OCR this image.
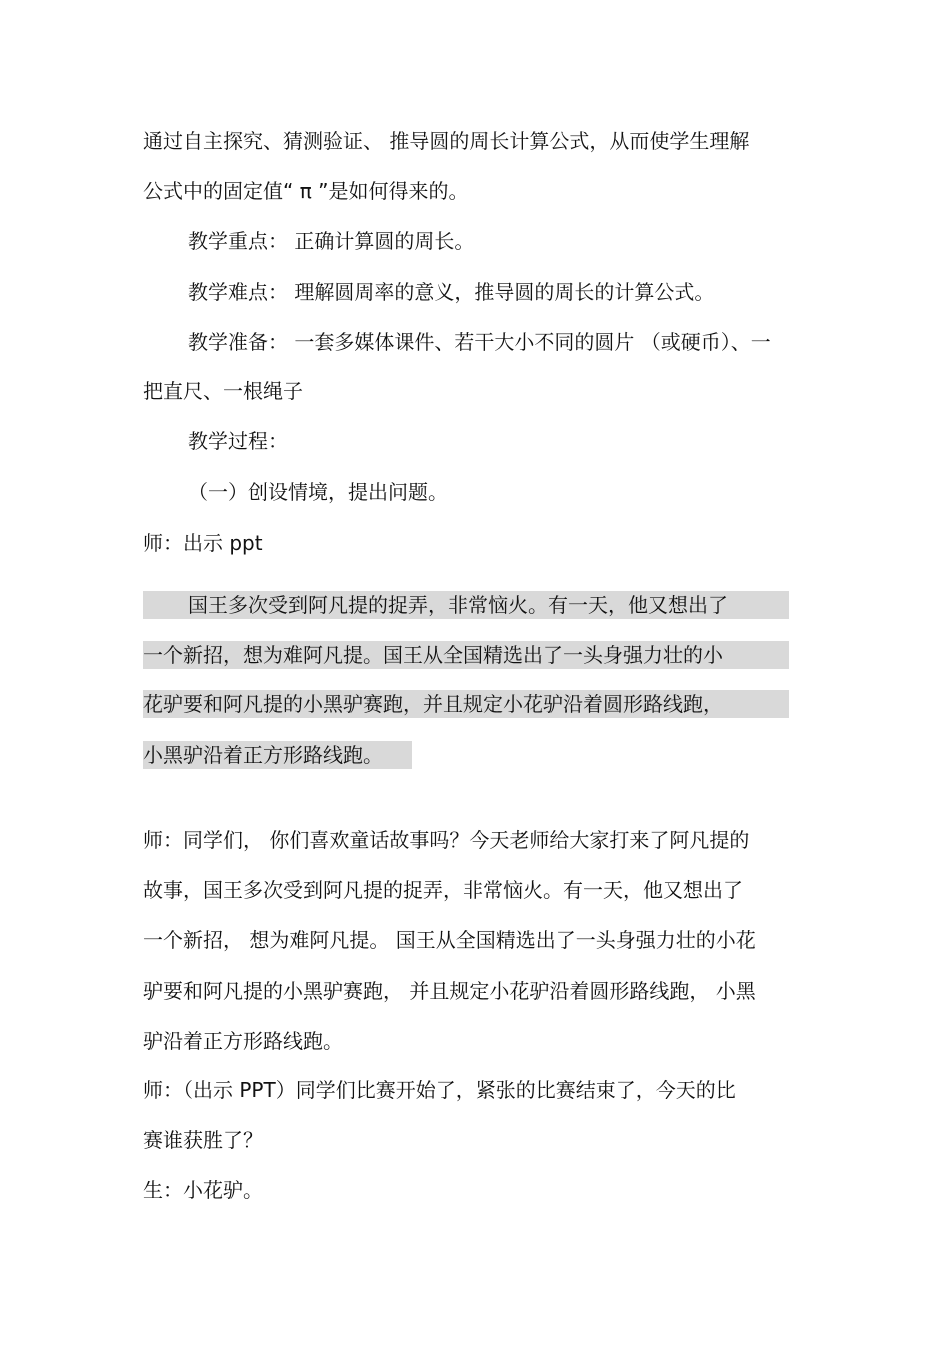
通过自主探究、猜测验证、 推导圆的周长计算公式，从而使学生理解
公式中的固定值“ π ”是如何得来的。
教学重点： 正确计算圆的周长。
教学难点： 理解圆周率的意义，推导圆的周长的计算公式。
教学准备： 一套多媒体课件、若干大小不同的圆片 （或硬币）、一
把直尺、一根绳子
教学过程：
（一）创设情境，提出问题。
师：出示 ppt
国王多次受到阿凡提的捉弄，非常恼火。有一天，他又想出了
一个新招，想为难阿凡提。国王从全国精选出了一头身强力壮的小
花驴要和阿凡提的小黑驴赛跑，并且规定小花驴沿着圆形路线跑，
小黑驴沿着正方形路线跑。
师：同学们， 你们喜欢童话故事吗？今天老师给大家打来了阿凡提的
故事，国王多次受到阿凡提的捉弄，非常恼火。有一天，他又想出了
一个新招， 想为难阿凡提。 国王从全国精选出了一头身强力壮的小花
驴要和阿凡提的小黑驴赛跑， 并且规定小花驴沿着圆形路线跑， 小黑
驴沿着正方形路线跑。
师：（出示 PPT）同学们比赛开始了，紧张的比赛结束了，今天的比
赛谁获胜了？
生：小花驴。
